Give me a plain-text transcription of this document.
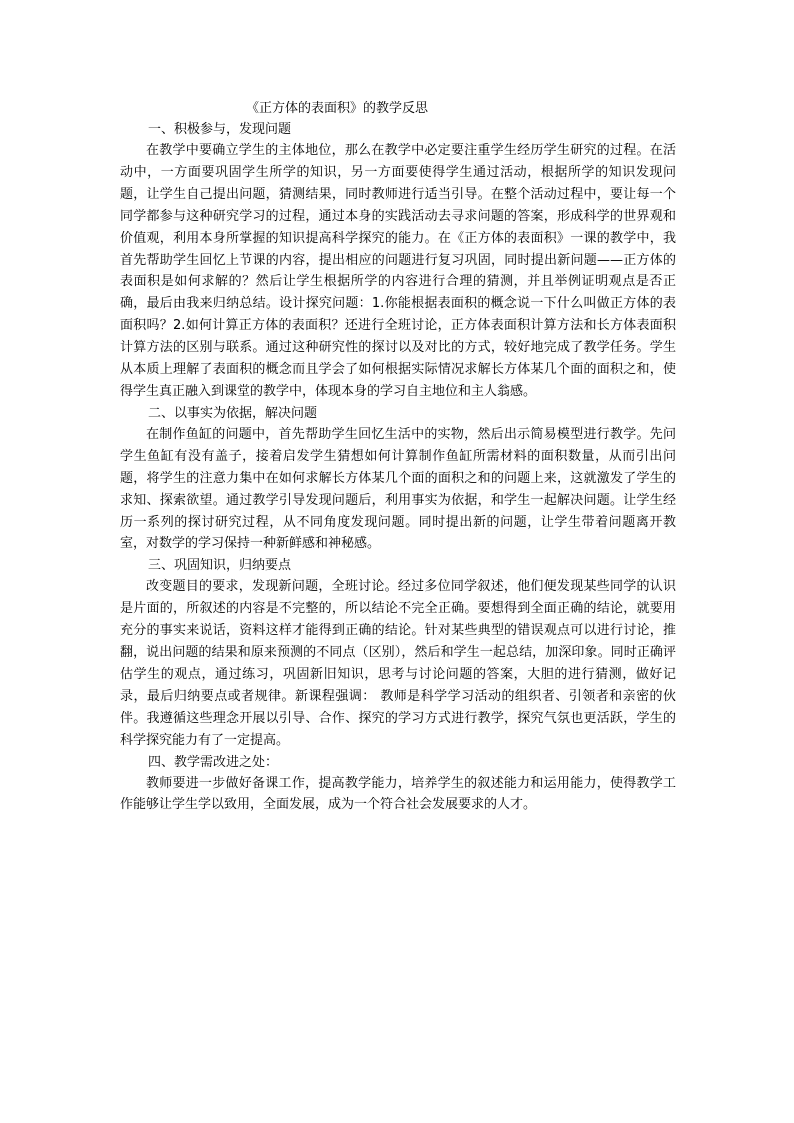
《正方体的表面积》的教学反思
一、积极参与，发现问题

在教学中要确立学生的主体地位，那么在教学中必定要注重学生经历学生研究的过程。在活动中，一方面要巩固学生所学的知识，另一方面要使得学生通过活动，根据所学的知识发现问题，让学生自己提出问题，猜测结果，同时教师进行适当引导。在整个活动过程中，要让每一个同学都参与这种研究学习的过程，通过本身的实践活动去寻求问题的答案，形成科学的世界观和价值观，利用本身所掌握的知识提高科学探究的能力。在《正方体的表面积》一课的教学中，我首先帮助学生回忆上节课的内容，提出相应的问题进行复习巩固，同时提出新问题——正方体的表面积是如何求解的？然后让学生根据所学的内容进行合理的猜测，并且举例证明观点是否正确，最后由我来归纳总结。设计探究问题：1.你能根据表面积的概念说一下什么叫做正方体的表面积吗？2.如何计算正方体的表面积？还进行全班讨论，正方体表面积计算方法和长方体表面积计算方法的区别与联系。通过这种研究性的探讨以及对比的方式，较好地完成了教学任务。学生从本质上理解了表面积的概念而且学会了如何根据实际情况求解长方体某几个面的面积之和，使得学生真正融入到课堂的教学中，体现本身的学习自主地位和主人翁感。

二、以事实为依据，解决问题

在制作鱼缸的问题中，首先帮助学生回忆生活中的实物，然后出示简易模型进行教学。先问学生鱼缸有没有盖子，接着启发学生猜想如何计算制作鱼缸所需材料的面积数量，从而引出问题，将学生的注意力集中在如何求解长方体某几个面的面积之和的问题上来，这就激发了学生的求知、探索欲望。通过教学引导发现问题后，利用事实为依据，和学生一起解决问题。让学生经历一系列的探讨研究过程，从不同角度发现问题。同时提出新的问题，让学生带着问题离开教室，对数学的学习保持一种新鲜感和神秘感。

三、巩固知识，归纳要点

改变题目的要求，发现新问题，全班讨论。经过多位同学叙述，他们便发现某些同学的认识是片面的，所叙述的内容是不完整的，所以结论不完全正确。要想得到全面正确的结论，就要用充分的事实来说话，资料这样才能得到正确的结论。针对某些典型的错误观点可以进行讨论，推翻，说出问题的结果和原来预测的不同点（区别），然后和学生一起总结，加深印象。同时正确评估学生的观点，通过练习，巩固新旧知识，思考与讨论问题的答案，大胆的进行猜测，做好记录，最后归纳要点或者规律。新课程强调： 教师是科学学习活动的组织者、引领者和亲密的伙伴。我遵循这些理念开展以引导、合作、探究的学习方式进行教学，探究气氛也更活跃，学生的科学探究能力有了一定提高。

四、教学需改进之处：

教师要进一步做好备课工作，提高教学能力，培养学生的叙述能力和运用能力，使得教学工作能够让学生学以致用，全面发展，成为一个符合社会发展要求的人才。
